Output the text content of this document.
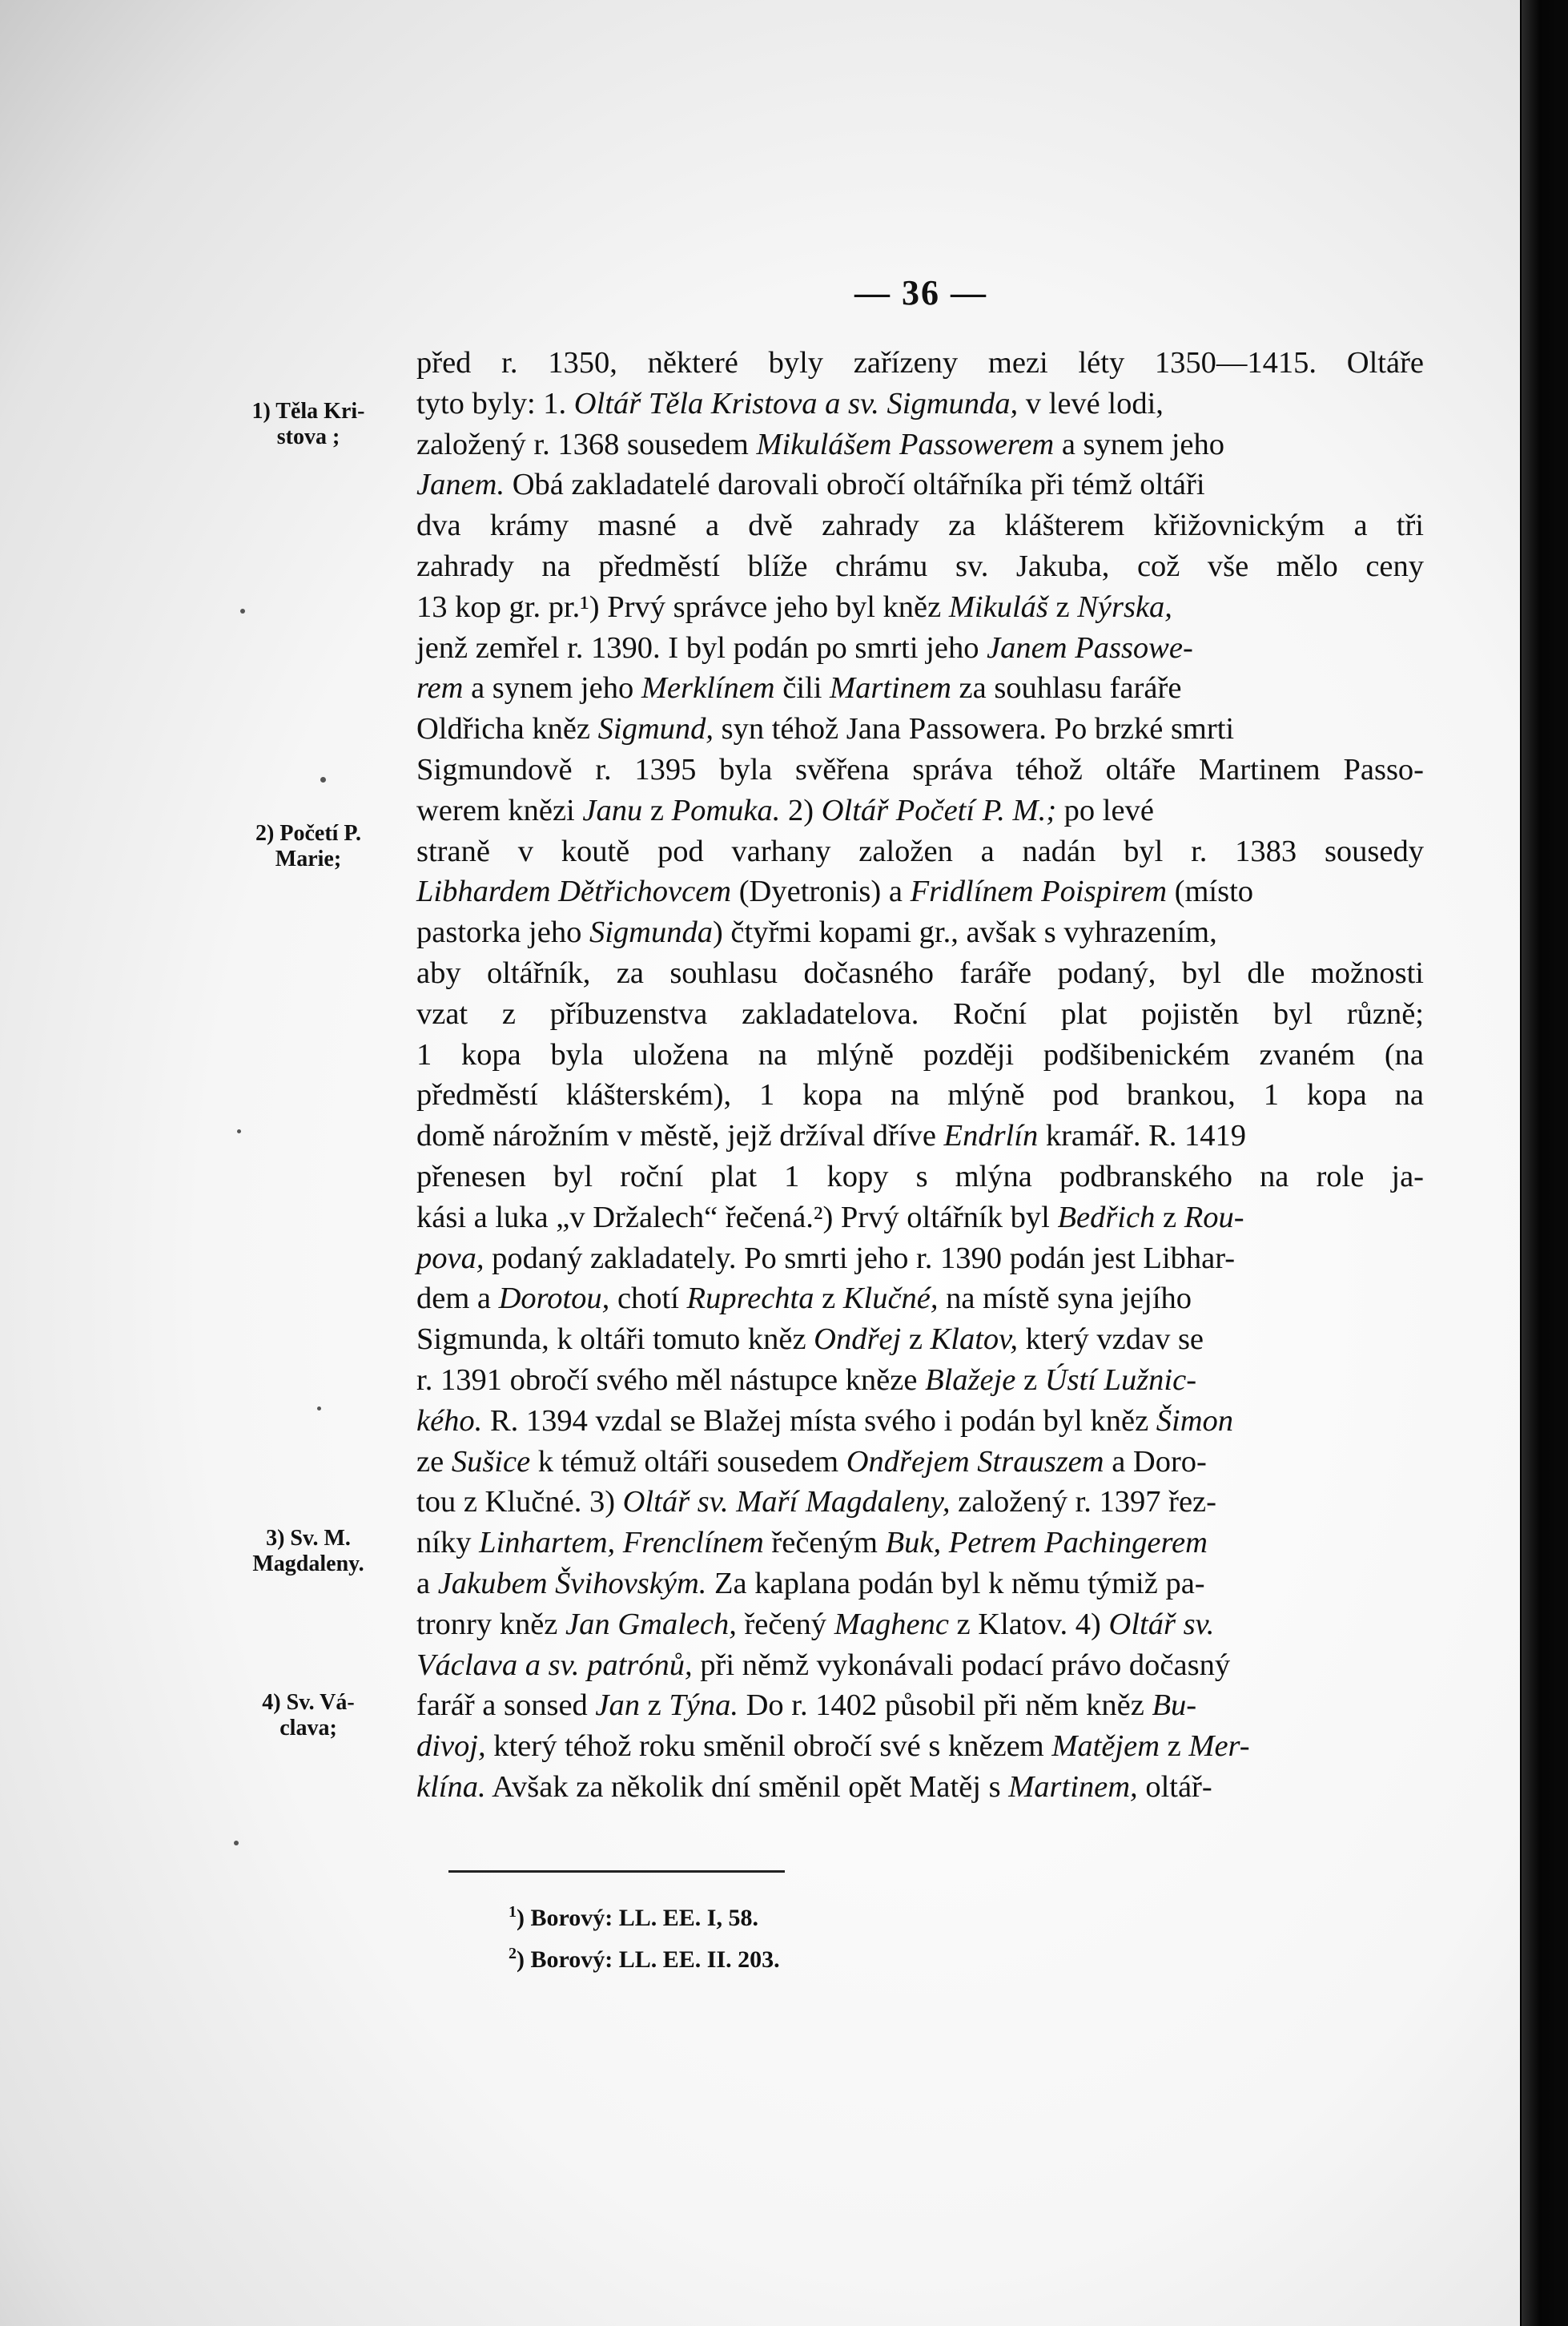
— 36 —
1) Těla Kri-
stova ;
2) Početí P.
Marie;
3) Sv. M.
Magdaleny.
4) Sv. Vá-
clava;
před r. 1350, některé byly zařízeny mezi léty 1350—1415. Oltáře
tyto byly: 1. Oltář Těla Kristova a sv. Sigmunda, v levé lodi,
založený r. 1368 sousedem Mikulášem Passowerem a synem jeho
Janem. Obá zakladatelé darovali obročí oltářníka při témž oltáři
dva krámy masné a dvě zahrady za klášterem křižovnickým a tři
zahrady na předměstí blíže chrámu sv. Jakuba, což vše mělo ceny
13 kop gr. pr.¹) Prvý správce jeho byl kněz Mikuláš z Nýrska,
jenž zemřel r. 1390. I byl podán po smrti jeho Janem Passowe-
rem a synem jeho Merklínem čili Martinem za souhlasu faráře
Oldřicha kněz Sigmund, syn téhož Jana Passowera. Po brzké smrti
Sigmundově r. 1395 byla svěřena správa téhož oltáře Martinem Passo-
werem knězi Janu z Pomuka. 2) Oltář Početí P. M.; po levé
straně v koutě pod varhany založen a nadán byl r. 1383 sousedy
Libhardem Dětřichovcem (Dyetronis) a Fridlínem Poispirem (místo
pastorka jeho Sigmunda ) čtyřmi kopami gr., avšak s vyhrazením,
aby oltářník, za souhlasu dočasného faráře podaný, byl dle možnosti
vzat z příbuzenstva zakladatelova. Roční plat pojistěn byl různě;
1 kopa byla uložena na mlýně později podšibenickém zvaném (na
předměstí klášterském), 1 kopa na mlýně pod brankou, 1 kopa na
domě nárožním v městě, jejž držíval dříve Endrlín kramář. R. 1419
přenesen byl roční plat 1 kopy s mlýna podbranského na role ja-
kási a luka „v Držalech“ řečená.²) Prvý oltářník byl Bedřich z Rou-
pova, podaný zakladately. Po smrti jeho r. 1390 podán jest Libhar-
dem a Dorotou, chotí Ruprechta z Klučné, na místě syna jejího
Sigmunda, k oltáři tomuto kněz Ondřej z Klatov, který vzdav se
r. 1391 obročí svého měl nástupce kněze Blažeje z Ústí Lužnic-
kého. R. 1394 vzdal se Blažej místa svého i podán byl kněz Šimon
ze Sušice k témuž oltáři sousedem Ondřejem Strauszem a Doro-
tou z Klučné. 3) Oltář sv. Maří Magdaleny, založený r. 1397 řez-
níky Linhartem, Frenclínem řečeným Buk, Petrem Pachingerem
a Jakubem Švihovským. Za kaplana podán byl k němu týmiž pa-
tronry kněz Jan Gmalech, řečený Maghenc z Klatov. 4) Oltář sv.
Václava a sv. patrónů, při němž vykonávali podací právo dočasný
farář a sonsed Jan z Týna. Do r. 1402 působil při něm kněz Bu-
divoj, který téhož roku směnil obročí své s knězem Matějem z Mer-
klína. Avšak za několik dní směnil opět Matěj s Martinem, oltář-
$^1$) Borový: LL. EE. I, 58.
$^2$) Borový: LL. EE. II. 203.
